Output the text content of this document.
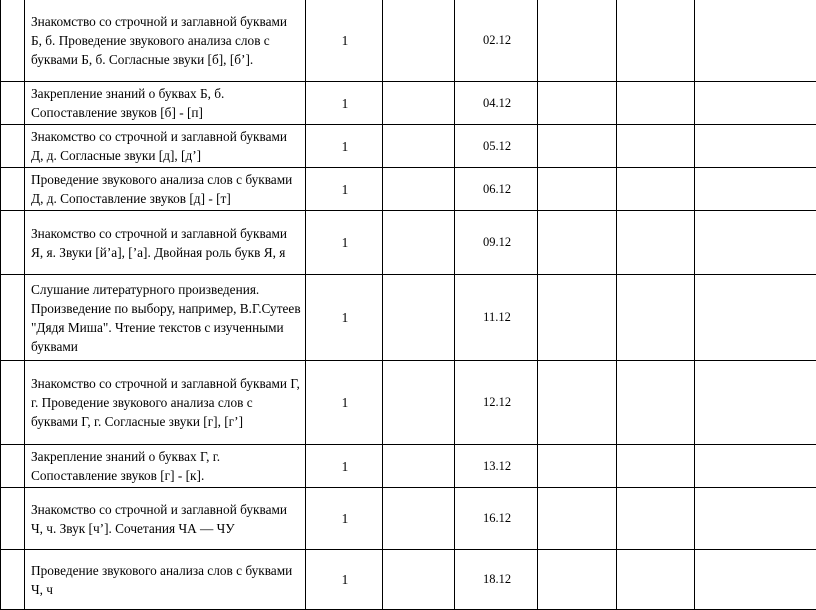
	Знакомство со строчной и заглавной буквами Б, б. Проведение звукового анализа слов с буквами Б, б. Согласные звуки [б], [б’].	1		02.12			
	Закрепление знаний о буквах Б, б. Сопоставление звуков [б] - [п]	1		04.12			
	Знакомство со строчной и заглавной буквами Д, д. Согласные звуки [д], [д’]	1		05.12			
	Проведение звукового анализа слов с буквами Д, д. Сопоставление звуков [д] - [т]	1		06.12			
	Знакомство со строчной и заглавной буквами Я, я. Звуки [й’а], [’а]. Двойная роль букв Я, я	1		09.12			
	Слушание литературного произведения. Произведение по выбору, например, В.Г.Сутеев "Дядя Миша". Чтение текстов с изученными буквами	1		11.12			
	Знакомство со строчной и заглавной буквами Г, г. Проведение звукового анализа слов с буквами Г, г. Согласные звуки [г], [г’]	1		12.12			
	Закрепление знаний о буквах Г, г. Сопоставление звуков [г] - [к].	1		13.12			
	Знакомство со строчной и заглавной буквами Ч, ч. Звук [ч’]. Сочетания ЧА — ЧУ	1		16.12			
	Проведение звукового анализа слов с буквами Ч, ч	1		18.12			
